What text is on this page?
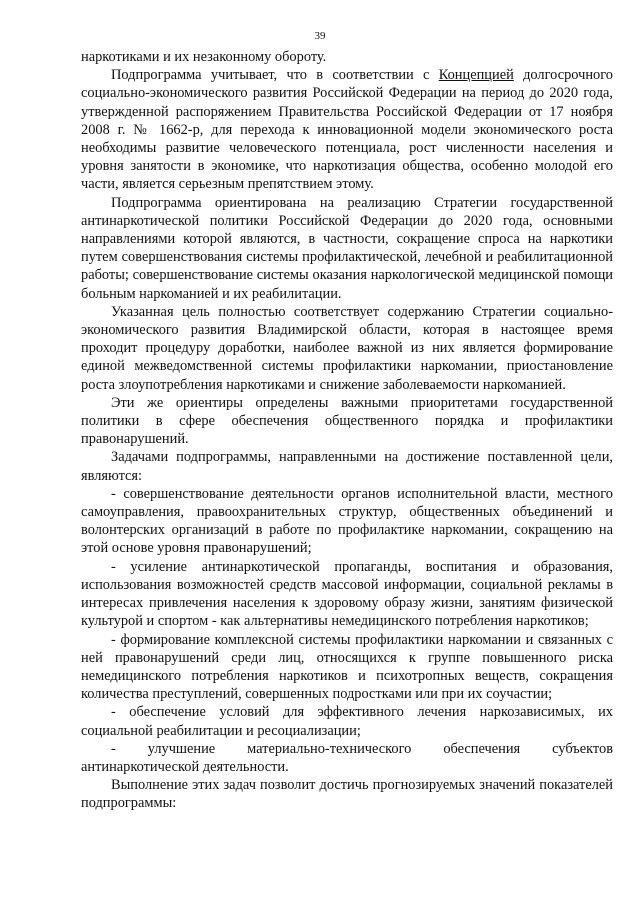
39

наркотиками и их незаконному обороту.

Подпрограмма учитывает, что в соответствии с Концепцией долгосрочного социально-экономического развития Российской Федерации на период до 2020 года, утвержденной распоряжением Правительства Российской Федерации от 17 ноября 2008 г. № 1662-р, для перехода к инновационной модели экономического роста необходимы развитие человеческого потенциала, рост численности населения и уровня занятости в экономике, что наркотизация общества, особенно молодой его части, является серьезным препятствием этому.

Подпрограмма ориентирована на реализацию Стратегии государственной антинаркотической политики Российской Федерации до 2020 года, основными направлениями которой являются, в частности, сокращение спроса на наркотики путем совершенствования системы профилактической, лечебной и реабилитационной работы; совершенствование системы оказания наркологической медицинской помощи больным наркоманией и их реабилитации.

Указанная цель полностью соответствует содержанию Стратегии социально-экономического развития Владимирской области, которая в настоящее время проходит процедуру доработки, наиболее важной из них является формирование единой межведомственной системы профилактики наркомании, приостановление роста злоупотребления наркотиками и снижение заболеваемости наркоманией.

Эти же ориентиры определены важными приоритетами государственной политики в сфере обеспечения общественного порядка и профилактики правонарушений.

Задачами подпрограммы, направленными на достижение поставленной цели, являются:

- совершенствование деятельности органов исполнительной власти, местного самоуправления, правоохранительных структур, общественных объединений и волонтерских организаций в работе по профилактике наркомании, сокращению на этой основе уровня правонарушений;

- усиление антинаркотической пропаганды, воспитания и образования, использования возможностей средств массовой информации, социальной рекламы в интересах привлечения населения к здоровому образу жизни, занятиям физической культурой и спортом - как альтернативы немедицинского потребления наркотиков;

- формирование комплексной системы профилактики наркомании и связанных с ней правонарушений среди лиц, относящихся к группе повышенного риска немедицинского потребления наркотиков и психотропных веществ, сокращения количества преступлений, совершенных подростками или при их соучастии;

- обеспечение условий для эффективного лечения наркозависимых, их социальной реабилитации и ресоциализации;

- улучшение материально-технического обеспечения субъектов антинаркотической деятельности.

Выполнение этих задач позволит достичь прогнозируемых значений показателей подпрограммы:
